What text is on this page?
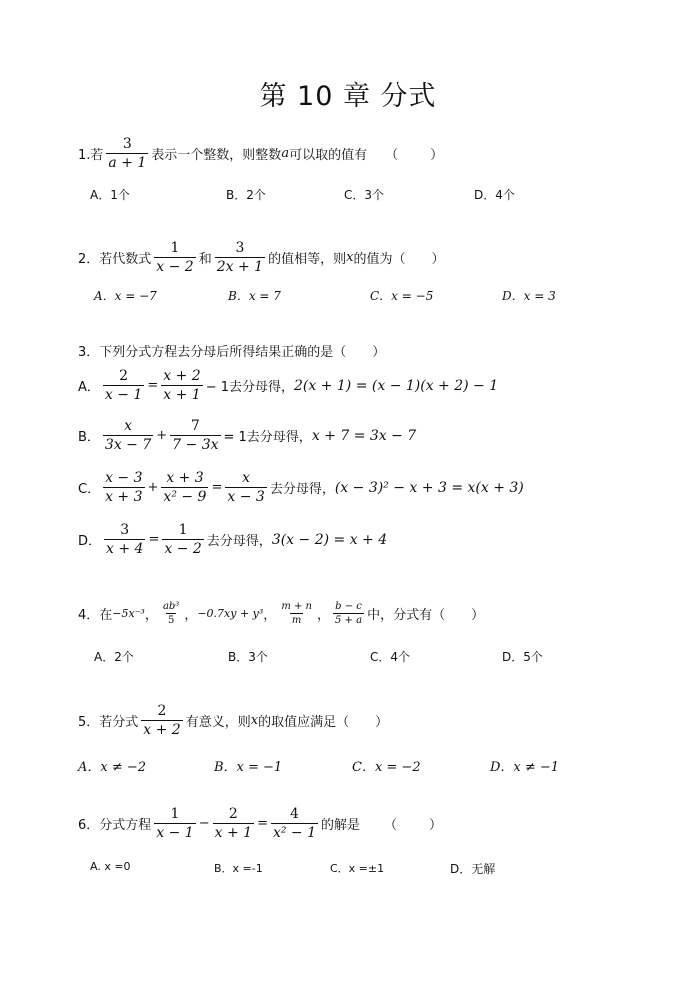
第 10 章 分式
1.若 $\frac{3}{a + 1}$ 表示一个整数，则整数 a 可以取的值有 （　　）
A．1个	B．2个	C．3个	D．4个
2．若代数式 $\frac{1}{x - 2}$ 和 $\frac{3}{2x + 1}$ 的值相等，则 x 的值为（　　）
A．x = −7	B．x = 7	C．x = −5	D．x = 3
3．下列分式方程去分母后所得结果正确的是（　　）
A． $\frac{2}{x - 1} = \frac{x + 2}{x + 1} - 1$去分母得， 2(x + 1) = (x − 1)(x + 2) − 1
B． $\frac{x}{3x - 7} + \frac{7}{7 - 3x} = 1$去分母得， x + 7 = 3x − 7
C． $\frac{x - 3}{x + 3} + \frac{x + 3}{\text{x² − 9}} = \frac{x}{x - 3}$ 去分母得， (x − 3)² − x + 3 = x(x + 3)
D． $\frac{3}{x + 4} = \frac{1}{x - 2}$ 去分母得， 3(x − 2) = x + 4
4．在 −5x⁻³ ， $\frac{\text{ab³}}{5}$ ， −0.7xy + y³ ， $\frac{m + n}{m}$ ， $\frac{b - c}{5 + a}$ 中，分式有（　　）
A．2个	B．3个	C．4个	D．5个
5．若分式 $\frac{2}{x + 2}$ 有意义，则 x 的取值应满足（　　）
A．x ≠ −2	B．x = −1	C．x = −2	D．x ≠ −1
6．分式方程 $\frac{1}{x - 1} - \frac{2}{x + 1} = \frac{4}{\text{x² − 1}}$ 的解是 （　　）
A. x =0	B．x =-1	C．x =±1	D．无解
